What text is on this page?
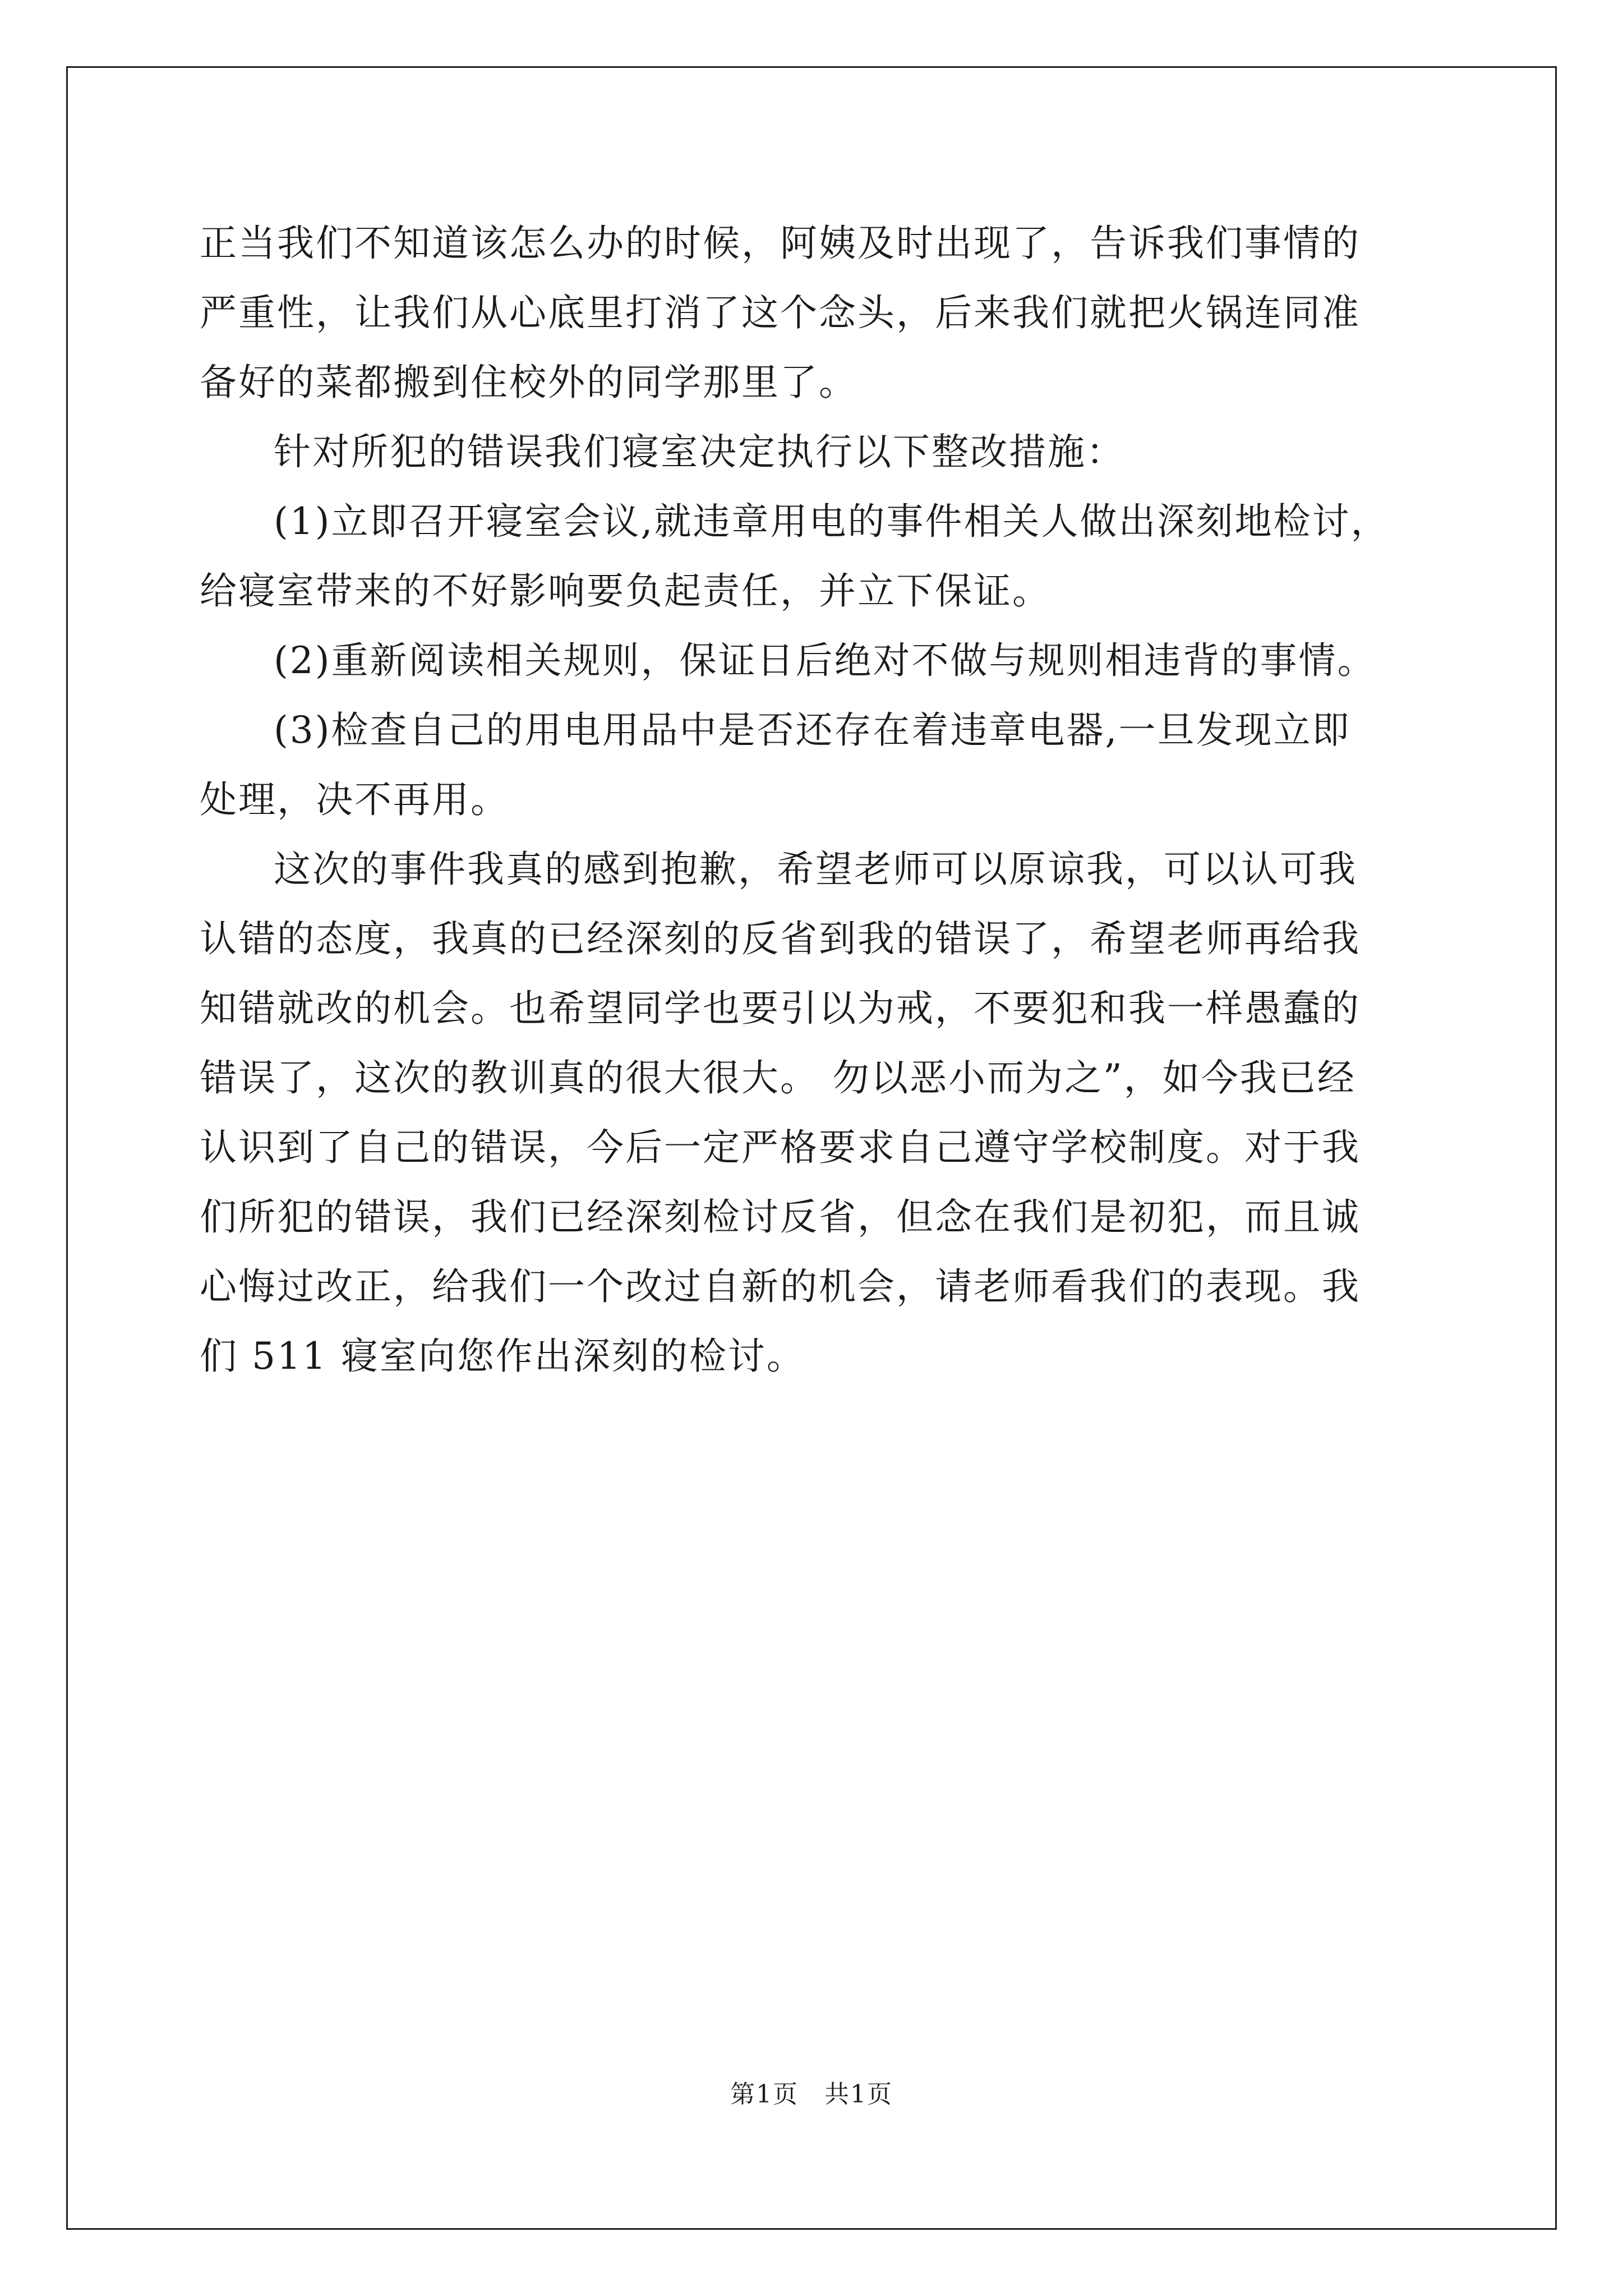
正当我们不知道该怎么办的时候，阿姨及时出现了，告诉我们事情的
严重性，让我们从心底里打消了这个念头，后来我们就把火锅连同准
备好的菜都搬到住校外的同学那里了。
针对所犯的错误我们寝室决定执行以下整改措施：
(1)立即召开寝室会议,就违章用电的事件相关人做出深刻地检讨，
给寝室带来的不好影响要负起责任，并立下保证。
(2)重新阅读相关规则，保证日后绝对不做与规则相违背的事情。
(3)检查自己的用电用品中是否还存在着违章电器,一旦发现立即
处理，决不再用。
这次的事件我真的感到抱歉，希望老师可以原谅我，可以认可我
认错的态度，我真的已经深刻的反省到我的错误了，希望老师再给我
知错就改的机会。也希望同学也要引以为戒，不要犯和我一样愚蠢的
错误了，这次的教训真的很大很大。 勿以恶小而为之”，如今我已经
认识到了自己的错误，今后一定严格要求自己遵守学校制度。对于我
们所犯的错误，我们已经深刻检讨反省，但念在我们是初犯，而且诚
心悔过改正，给我们一个改过自新的机会，请老师看我们的表现。我
们 511 寝室向您作出深刻的检讨。
第1页　共1页
